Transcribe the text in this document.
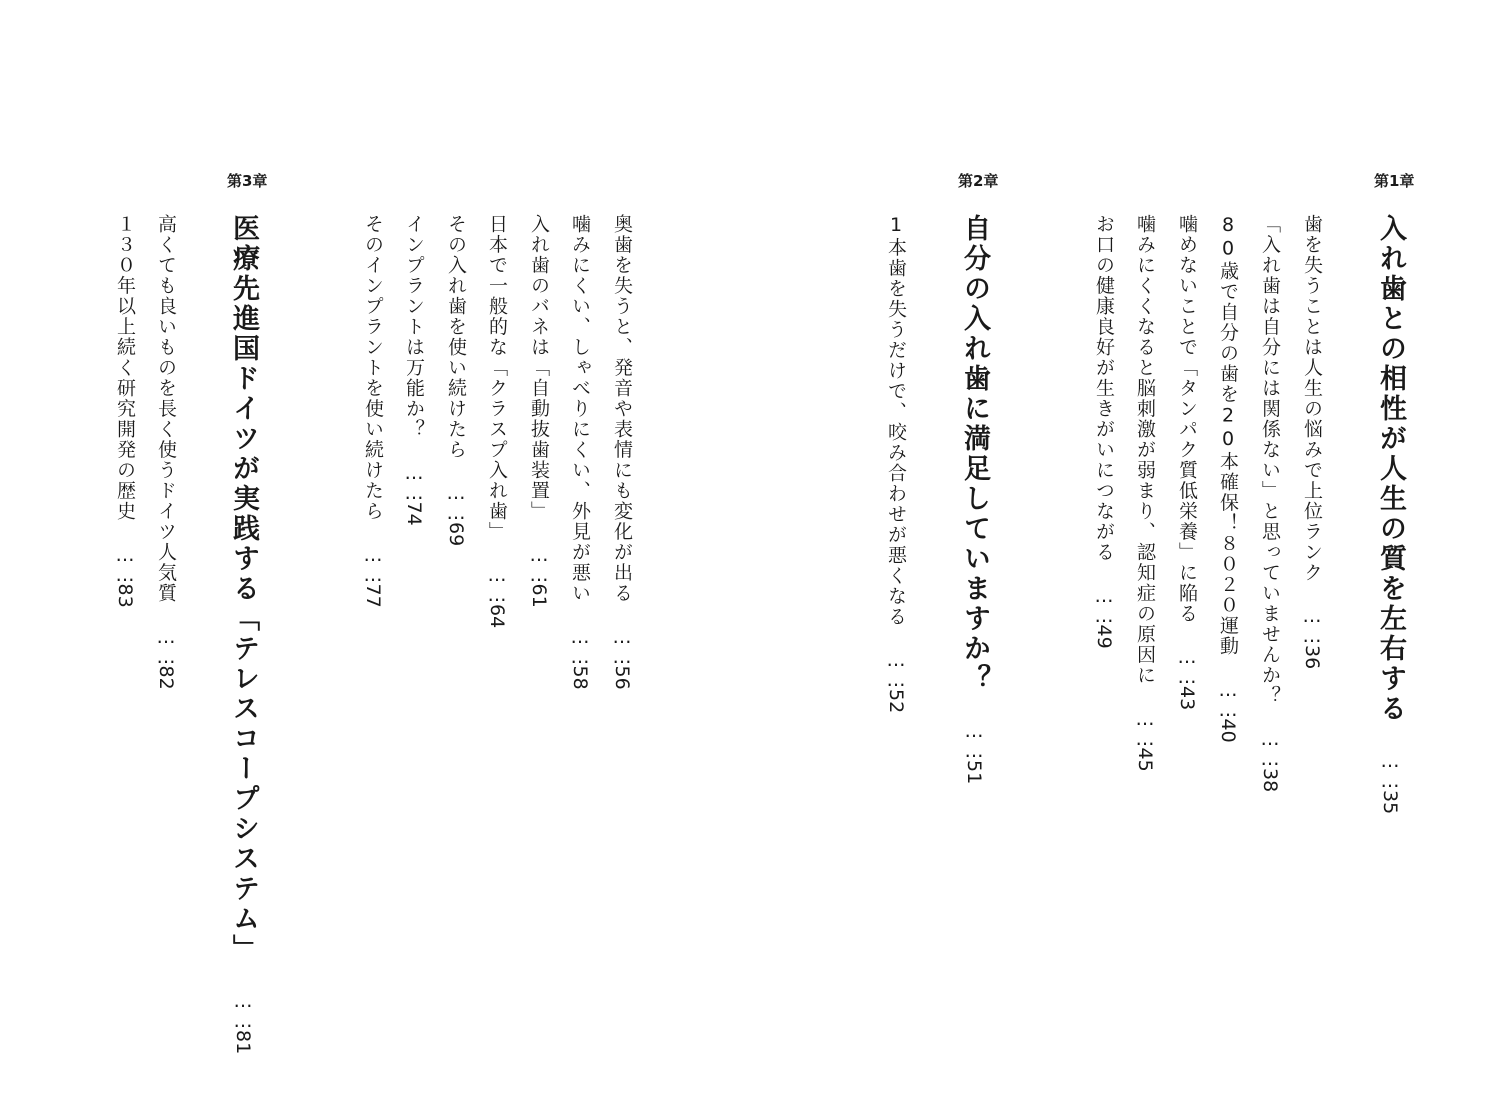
第1章
第2章
第3章
入れ歯との相性が人生の質を左右する……35
歯を失うことは人生の悩みで上位ランク……36
「入れ歯は自分には関係ない」と思っていませんか？……38
80歳で自分の歯を20本確保！８０２０運動……40
噛めないことで「タンパク質低栄養」に陥る……43
噛みにくくなると脳刺激が弱まり、認知症の原因に……45
お口の健康良好が生きがいにつながる……49
自分の入れ歯に満足していますか？……51
1本歯を失うだけで、咬み合わせが悪くなる……52
奥歯を失うと、発音や表情にも変化が出る……56
噛みにくい、しゃべりにくい、外見が悪い……58
入れ歯のバネは「自動抜歯装置」……61
日本で一般的な「クラスプ入れ歯」……64
その入れ歯を使い続けたら……69
インプラントは万能か？……74
そのインプラントを使い続けたら……77
医療先進国ドイツが実践する「テレスコープシステム」……81
高くても良いものを長く使うドイツ人気質……82
１３０年以上続く研究開発の歴史……83
